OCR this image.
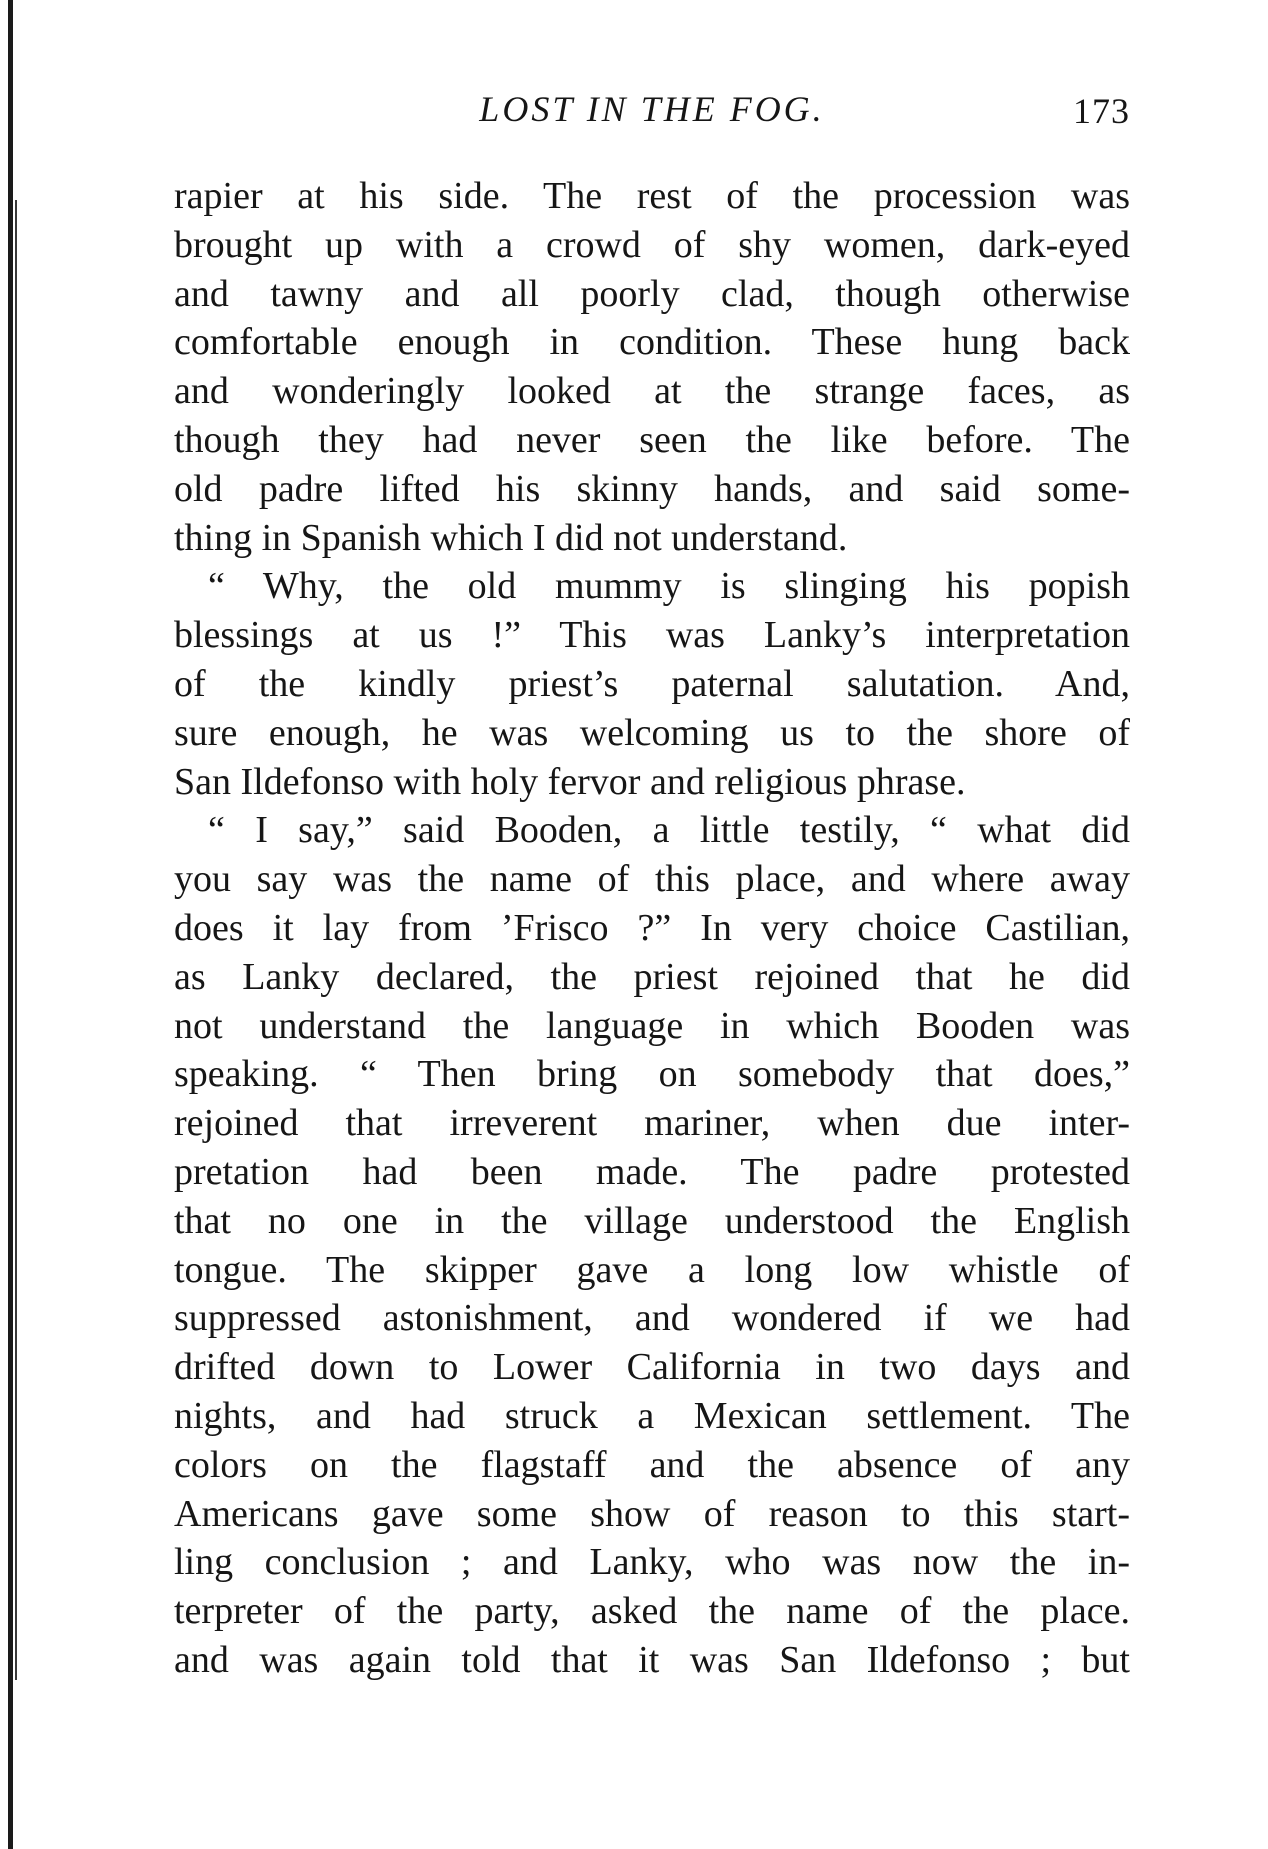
LOST IN THE FOG.	173
rapier at his side. The rest of the procession was
brought up with a crowd of shy women, dark-eyed
and tawny and all poorly clad, though otherwise
comfortable enough in condition. These hung back
and wonderingly looked at the strange faces, as
though they had never seen the like before. The
old padre lifted his skinny hands, and said some-
thing in Spanish which I did not understand.
“ Why, the old mummy is slinging his popish
blessings at us !” This was Lanky’s interpretation
of the kindly priest’s paternal salutation. And,
sure enough, he was welcoming us to the shore of
San Ildefonso with holy fervor and religious phrase.
“ I say,” said Booden, a little testily, “ what did
you say was the name of this place, and where away
does it lay from ’Frisco ?” In very choice Castilian,
as Lanky declared, the priest rejoined that he did
not understand the language in which Booden was
speaking. “ Then bring on somebody that does,”
rejoined that irreverent mariner, when due inter-
pretation had been made. The padre protested
that no one in the village understood the English
tongue. The skipper gave a long low whistle of
suppressed astonishment, and wondered if we had
drifted down to Lower California in two days and
nights, and had struck a Mexican settlement. The
colors on the flagstaff and the absence of any
Americans gave some show of reason to this start-
ling conclusion ; and Lanky, who was now the in-
terpreter of the party, asked the name of the place.
and was again told that it was San Ildefonso ; but
